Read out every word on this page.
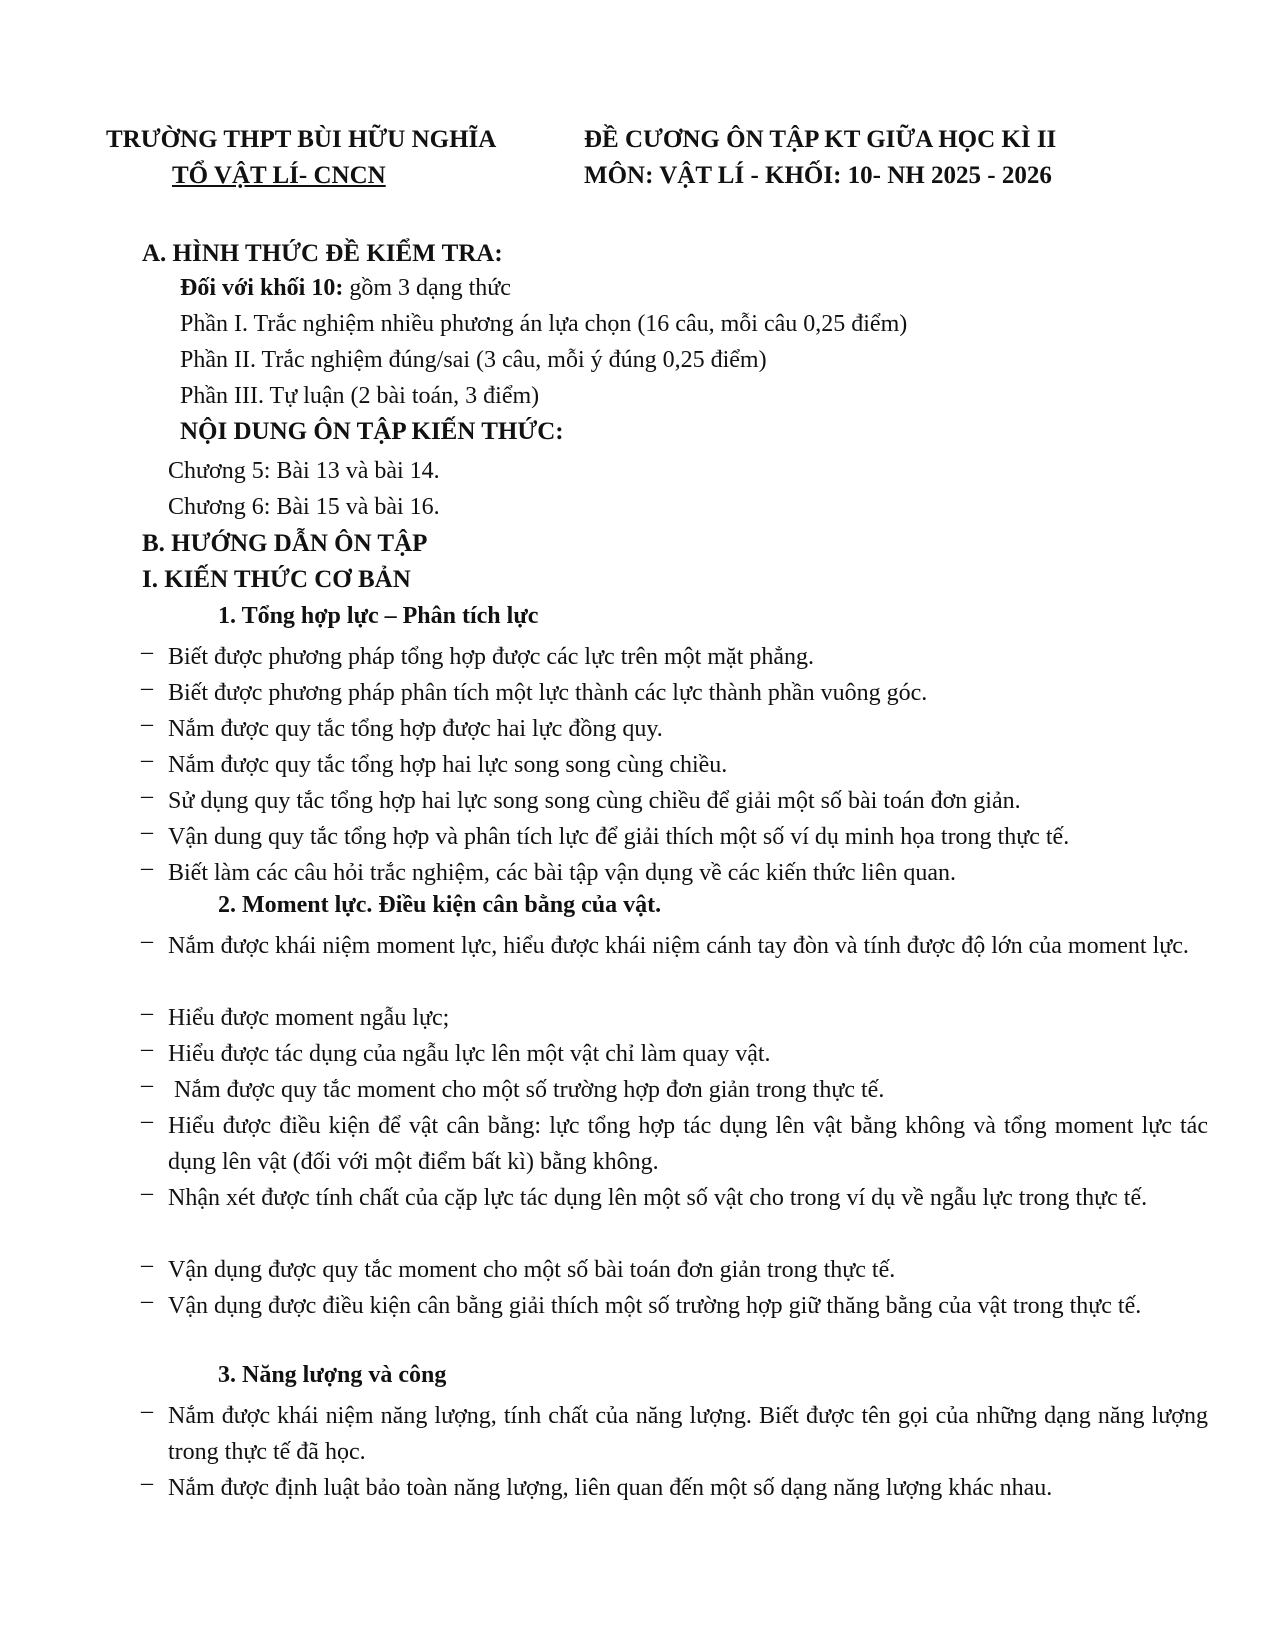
TRƯỜNG THPT BÙI HỮU NGHĨA
TỔ VẬT LÍ- CNCN
ĐỀ CƯƠNG ÔN TẬP KT GIỮA HỌC KÌ II
MÔN: VẬT LÍ - KHỐI: 10- NH 2025 - 2026
A. HÌNH THỨC ĐỀ KIỂM TRA:
Đối với khối 10: gồm 3 dạng thức
Phần I. Trắc nghiệm nhiều phương án lựa chọn (16 câu, mỗi câu 0,25 điểm)
Phần II. Trắc nghiệm đúng/sai (3 câu, mỗi ý đúng 0,25 điểm)
Phần III. Tự luận (2 bài toán, 3 điểm)
NỘI DUNG ÔN TẬP KIẾN THỨC:
Chương 5: Bài 13 và bài 14.
Chương 6: Bài 15 và bài 16.
B. HƯỚNG DẪN ÔN TẬP
I. KIẾN THỨC CƠ BẢN
1. Tổng hợp lực – Phân tích lực
– Biết được phương pháp tổng hợp được các lực trên một mặt phẳng.
– Biết được phương pháp phân tích một lực thành các lực thành phần vuông góc.
– Nắm được quy tắc tổng hợp được hai lực đồng quy.
– Nắm được quy tắc tổng hợp hai lực song song cùng chiều.
– Sử dụng quy tắc tổng hợp hai lực song song cùng chiều để giải một số bài toán đơn giản.
– Vận dung quy tắc tổng hợp và phân tích lực để giải thích một số ví dụ minh họa trong thực tế.
– Biết làm các câu hỏi trắc nghiệm, các bài tập vận dụng về các kiến thức liên quan.
2. Moment lực. Điều kiện cân bằng của vật.
– Nắm được khái niệm moment lực, hiểu được khái niệm cánh tay đòn và tính được độ lớn của moment lực.
– Hiểu được moment ngẫu lực;
– Hiểu được tác dụng của ngẫu lực lên một vật chỉ làm quay vật.
– Nắm được quy tắc moment cho một số trường hợp đơn giản trong thực tế.
– Hiểu được điều kiện để vật cân bằng: lực tổng hợp tác dụng lên vật bằng không và tổng moment lực tác dụng lên vật (đối với một điểm bất kì) bằng không.
– Nhận xét được tính chất của cặp lực tác dụng lên một số vật cho trong ví dụ về ngẫu lực trong thực tế.
– Vận dụng được quy tắc moment cho một số bài toán đơn giản trong thực tế.
– Vận dụng được điều kiện cân bằng giải thích một số trường hợp giữ thăng bằng của vật trong thực tế.
3. Năng lượng và công
– Nắm được khái niệm năng lượng, tính chất của năng lượng. Biết được tên gọi của những dạng năng lượng trong thực tế đã học.
– Nắm được định luật bảo toàn năng lượng, liên quan đến một số dạng năng lượng khác nhau.
